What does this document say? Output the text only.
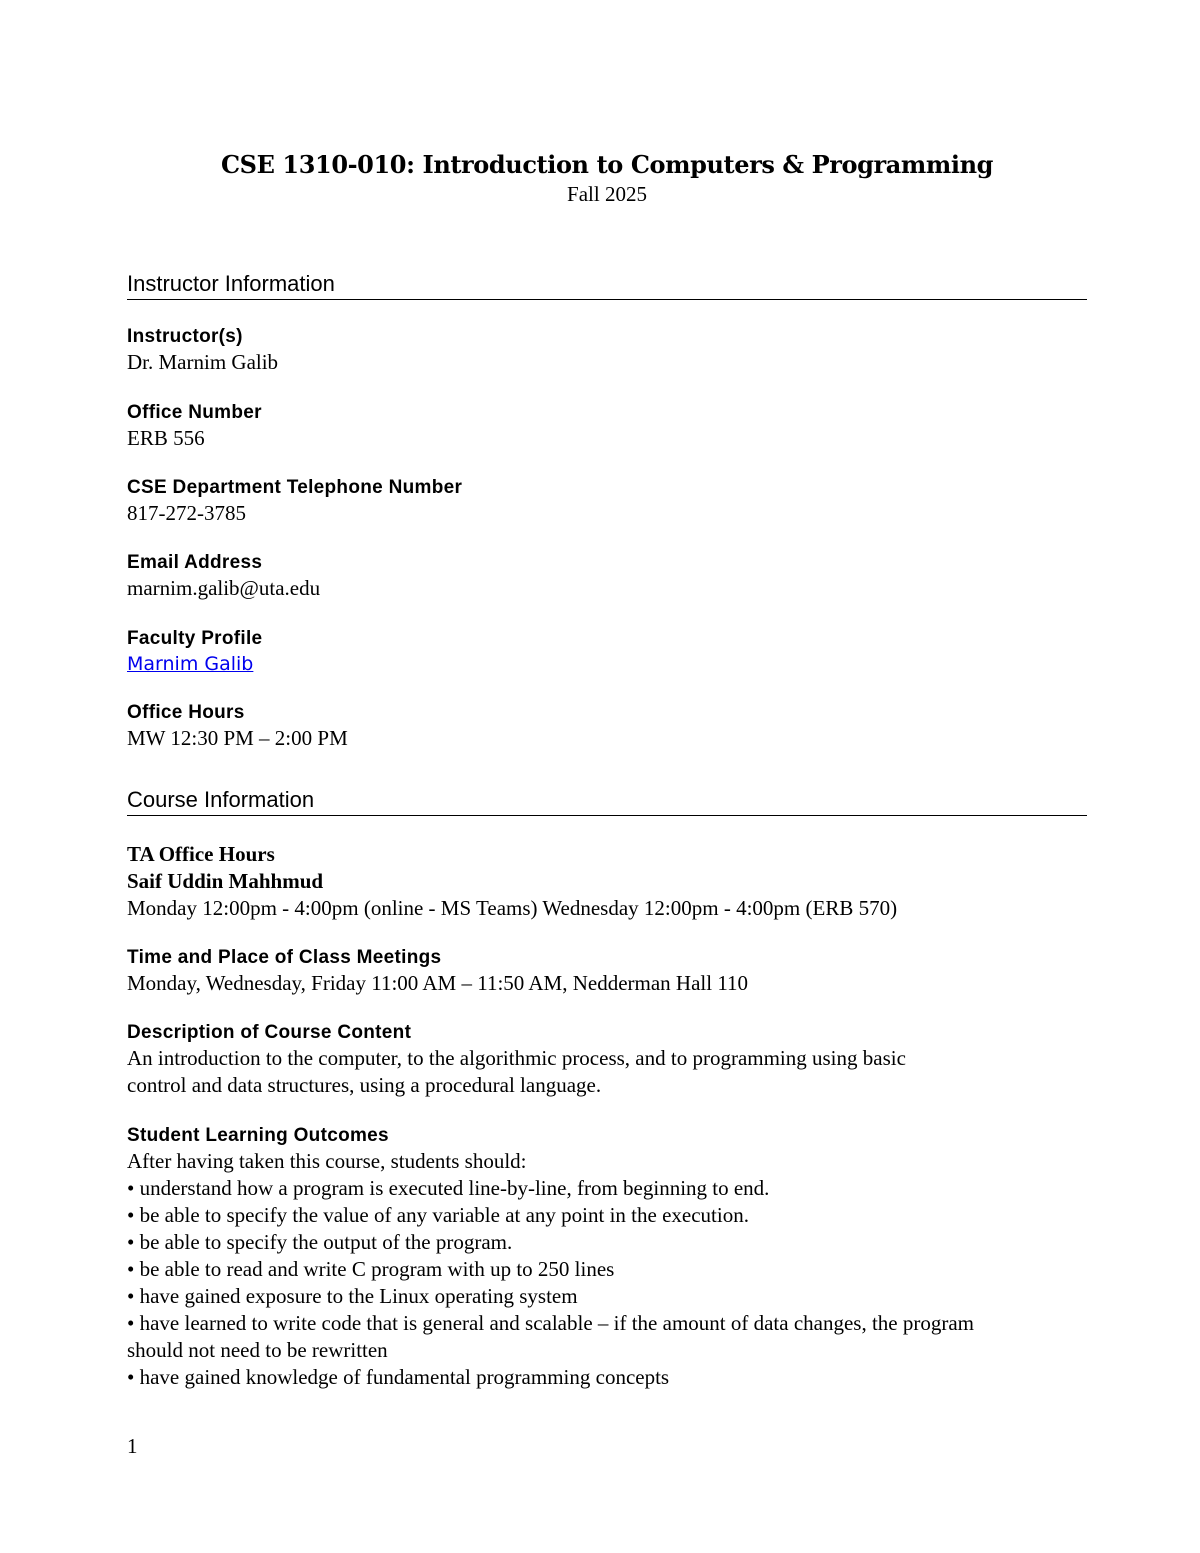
CSE 1310-010: Introduction to Computers & Programming

Fall 2025

Instructor Information
Instructor(s)
Dr. Marnim Galib
Office Number
ERB 556
CSE Department Telephone Number
817-272-3785
Email Address
marnim.galib@uta.edu
Faculty Profile
Marnim Galib
Office Hours
MW 12:30 PM – 2:00 PM
Course Information
TA Office Hours
Saif Uddin Mahhmud
Monday 12:00pm - 4:00pm (online - MS Teams) Wednesday 12:00pm - 4:00pm (ERB 570)
Time and Place of Class Meetings
Monday, Wednesday, Friday 11:00 AM – 11:50 AM, Nedderman Hall 110
Description of Course Content
An introduction to the computer, to the algorithmic process, and to programming using basic
control and data structures, using a procedural language.
Student Learning Outcomes
After having taken this course, students should:
• understand how a program is executed line-by-line, from beginning to end.
• be able to specify the value of any variable at any point in the execution.
• be able to specify the output of the program.
• be able to read and write C program with up to 250 lines
• have gained exposure to the Linux operating system
• have learned to write code that is general and scalable – if the amount of data changes, the program
should not need to be rewritten
• have gained knowledge of fundamental programming concepts
1
